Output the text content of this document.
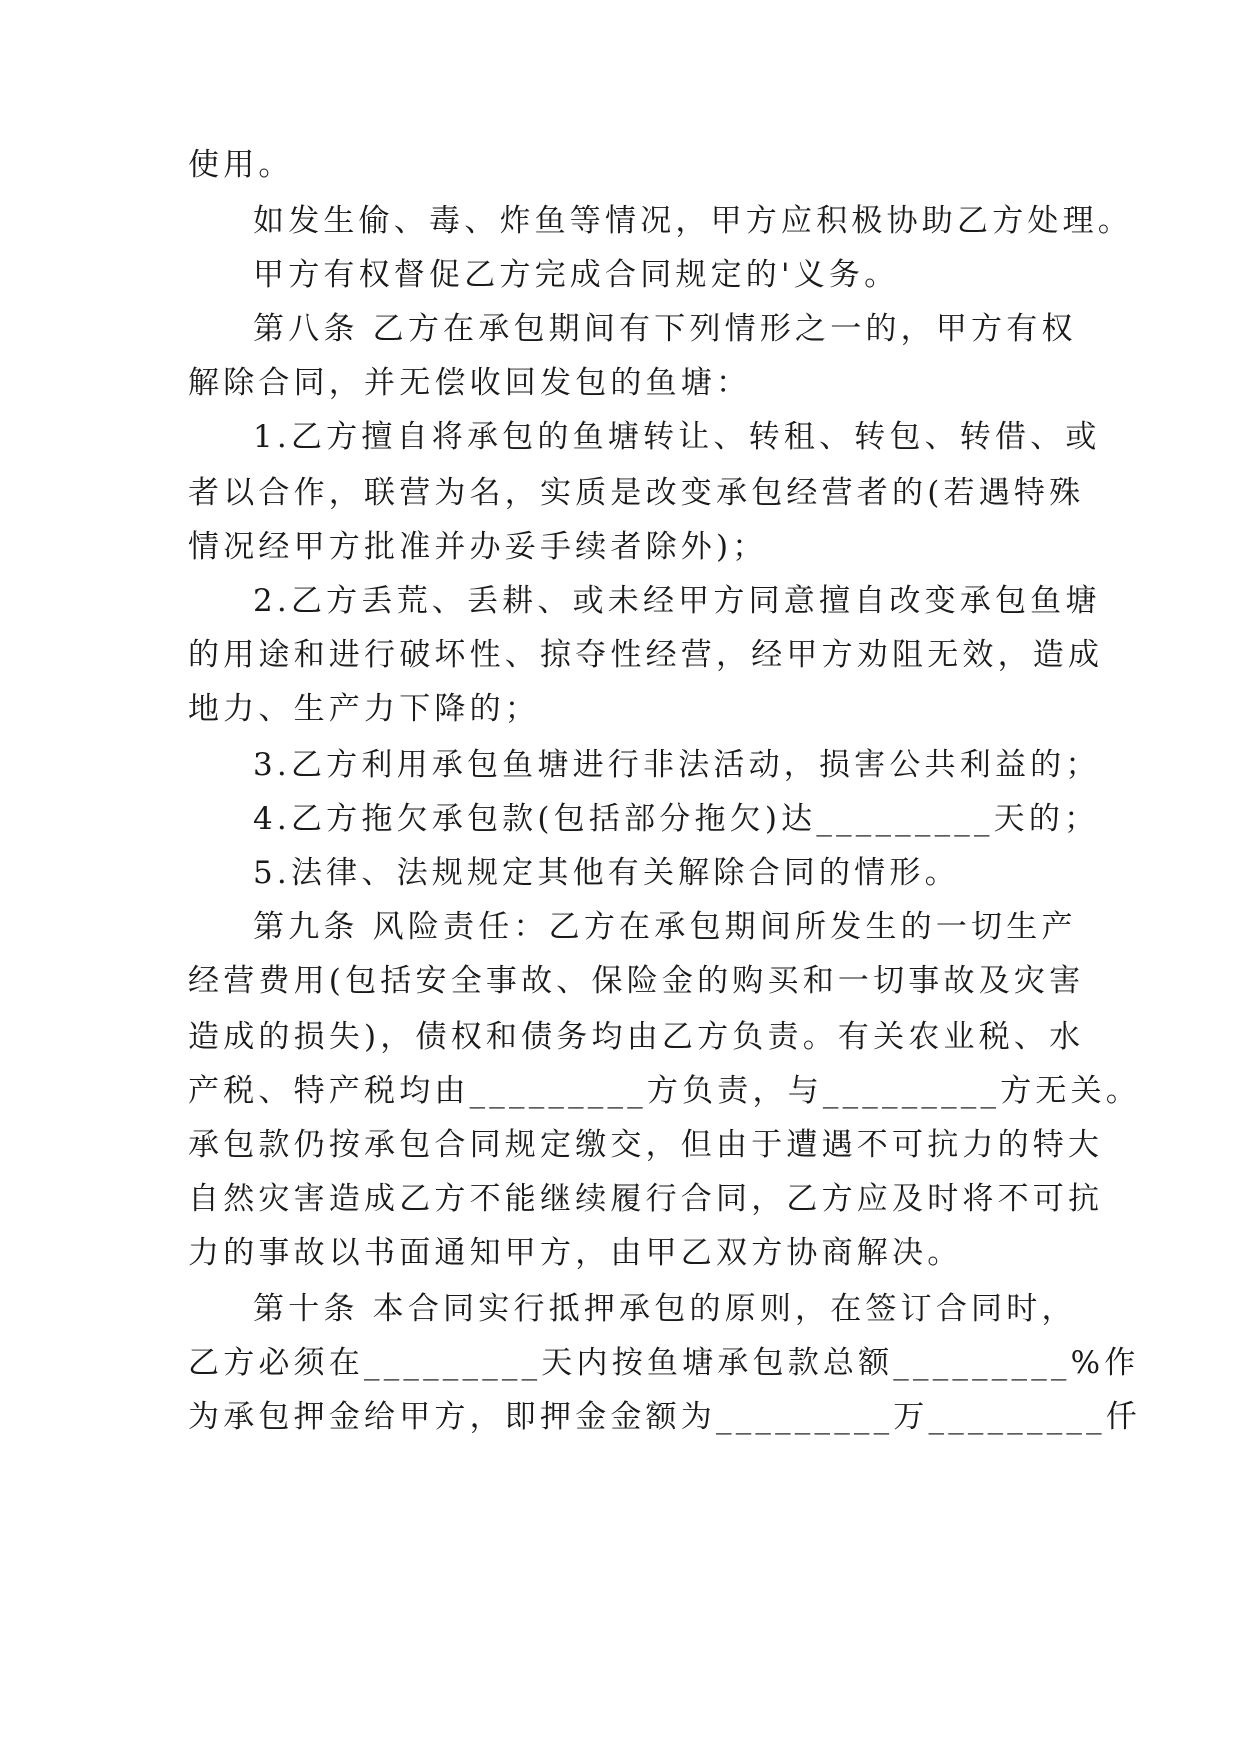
使用。
如发生偷、毒、炸鱼等情况，甲方应积极协助乙方处理。
甲方有权督促乙方完成合同规定的'义务。
第八条 乙方在承包期间有下列情形之一的，甲方有权
解除合同，并无偿收回发包的鱼塘：
1.乙方擅自将承包的鱼塘转让、转租、转包、转借、或
者以合作，联营为名，实质是改变承包经营者的(若遇特殊
情况经甲方批准并办妥手续者除外)；
2.乙方丢荒、丢耕、或未经甲方同意擅自改变承包鱼塘
的用途和进行破坏性、掠夺性经营，经甲方劝阻无效，造成
地力、生产力下降的；
3.乙方利用承包鱼塘进行非法活动，损害公共利益的；
4.乙方拖欠承包款(包括部分拖欠)达_________天的；
5.法律、法规规定其他有关解除合同的情形。
第九条 风险责任：乙方在承包期间所发生的一切生产
经营费用(包括安全事故、保险金的购买和一切事故及灾害
造成的损失)，债权和债务均由乙方负责。有关农业税、水
产税、特产税均由_________方负责，与_________方无关。
承包款仍按承包合同规定缴交，但由于遭遇不可抗力的特大
自然灾害造成乙方不能继续履行合同，乙方应及时将不可抗
力的事故以书面通知甲方，由甲乙双方协商解决。
第十条 本合同实行抵押承包的原则，在签订合同时，
乙方必须在_________天内按鱼塘承包款总额_________%作
为承包押金给甲方，即押金金额为_________万_________仟
